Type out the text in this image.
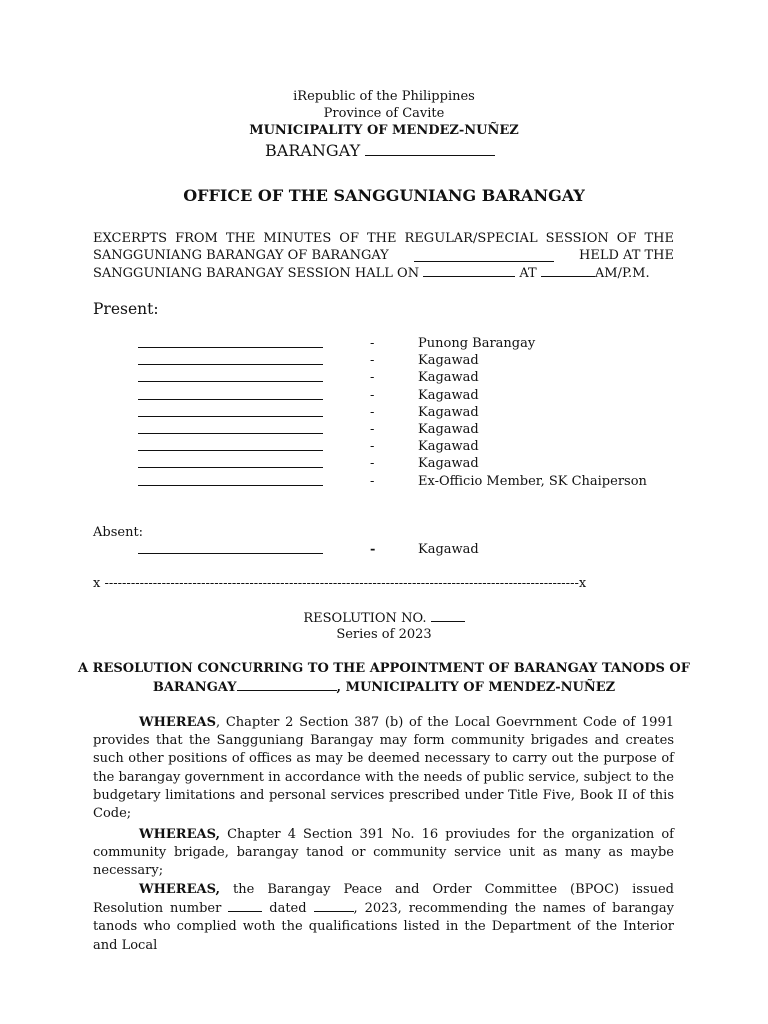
iRepublic of the Philippines
Province of Cavite
MUNICIPALITY OF MENDEZ-NUÑEZ
BARANGAY
OFFICE OF THE SANGGUNIANG BARANGAY
EXCERPTS FROM THE MINUTES OF THE REGULAR/SPECIAL SESSION OF THE
SANGGUNIANG BARANGAY OF BARANGAY	HELD AT THE
SANGGUNIANG BARANGAY SESSION HALL ON	AT	AM/P.M.
Present:
-	Punong Barangay
-	Kagawad
-	Kagawad
-	Kagawad
-	Kagawad
-	Kagawad
-	Kagawad
-	Kagawad
-	Ex-Officio Member, SK Chaiperson
Absent:
-	Kagawad
x ------------------------------------------------------------------------------------------------------------x
RESOLUTION NO.
Series of 2023
A RESOLUTION CONCURRING TO THE APPOINTMENT OF BARANGAY TANODS OF
BARANGAY	, MUNICIPALITY OF MENDEZ-NUÑEZ
WHEREAS, Chapter 2 Section 387 (b) of the Local Goevrnment Code of 1991 provides that the Sangguniang Barangay may form community brigades and creates such other positions of offices as may be deemed necessary to carry out the purpose of the barangay government in accordance with the needs of public service, subject to the budgetary limitations and personal services prescribed under Title Five, Book II of this Code;
WHEREAS, Chapter 4 Section 391 No. 16 proviudes for the organization of community brigade, barangay tanod or community service unit as many as maybe necessary;
WHEREAS, the Barangay Peace and Order Committee (BPOC) issued Resolution number	dated	, 2023, recommending the names of barangay tanods who complied woth the qualifications listed in the Department of the Interior and Local
